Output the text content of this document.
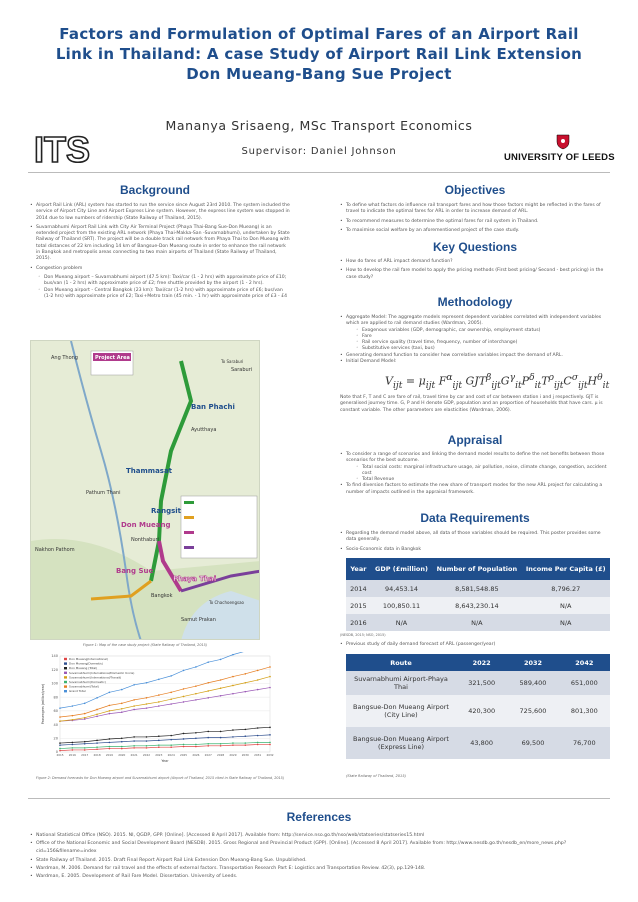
Factors and Formulation of Optimal Fares of an Airport Rail
Link in Thailand: A case Study of Airport Rail Link Extension
Don Mueang-Bang Sue Project
Mananya Srisaeng, MSc Transport Economics
Supervisor: Daniel Johnson
ITS	UNIVERSITY OF LEEDS
Background
• Airport Rail Link (ARL) system has started to run the service since August 23rd 2010. The system included the service of Airport City Line and Airport Express Line system. However, the express line system was stopped in 2014 due to low numbers of ridership (State Railway of Thailand, 2015).
• Suvarnabhumi Airport Rail Link with City Air Terminal Project (Phaya Thai-Bang Sue-Don Mueang) is an extended project from the existing ARL network (Phaya Thai-Makka-San -Suvarnabhumi), undertaken by State Railway of Thailand (SRT). The project will be a double track rail network from Phaya Thai to Don Mueang with total distances of 22 km including 14 km of Bangsue-Don Mueang route in order to enhance the rail network in Bangkok and metropolis areas connecting to two main airports of Thailand (State Railway of Thailand, 2015).
• Congestion problem
◦ Don Mueang airport – Suvarnabhumi airport (47.5 km): Taxi/car (1 - 2 hrs) with approximate price of £10; bus/van (1 - 2 hrs) with approximate price of £2; free shuttle provided by the airport (1 - 2 hrs).
◦ Don Mueang airport - Central Bangkok (23 km): Taxi/car (1-2 hrs) with approximate price of £6; bus/van (1-2 hrs) with approximate price of £2; Taxi+Metro train (45 min. - 1 hr) with approximate price of £3 - £4
Project Area
Ang Thong
Ban Phachi
Ayutthaya
Thammasat
Rangsit
Pathum Thani
Don Mueang
Nonthaburi
Nakhon Pathom
Bang Sue
Phaya Thai
Bangkok
Samut Prakan
Saraburi
To Saraburi
To Chachoengsao
Figure 1: Map of the case study project (State Railway of Thailand, 2015)
0
20
40
60
80
100
120
140
2015 2016 2017 2018 2019 2020 2021 2022 2023 2024 2025 2026 2027 2028 2029 2030 2031 2032
Year
Passengers (million/year)
Don Mueang(International)
Don Mueang(Domestic)
Don Mueang (Total)
Suvarnabhumi(International/Domestic Uncle)
Suvarnabhumi(International/Transit)
Suvarnabhumi(Domestic)
Suvarnabhumi(Total)
Grand Total
Figure 2: Demand forecasts for Don Mueang airport and Suvarnabhumi airport (Airport of Thailand, 2015 cited in State Railway of Thailand, 2015)
Objectives
• To define what factors do influence rail transport fares and how those factors might be reflected in the fares of travel to indicate the optimal fares for ARL in order to increase demand of ARL.
• To recommend measures to determine the optimal fares for rail system in Thailand.
• To maximise social welfare by an aforementioned project of the case study.
Key Questions
• How do fares of ARL impact demand function?
• How to develop the rail fare model to apply the pricing methods (First best pricing/ Second - best pricing) in the case study?
Methodology
• Aggregate Model: The aggregate models represent dependent variables correlated with independent variables which are applied to rail demand studies (Wardman, 2005).
◦ Exogenous variables (GDP, demographic, car ownership, employment status)
◦ Fare
◦ Rail service quality (travel time, frequency, number of interchange)
◦ Substitutive services (taxi, bus)
• Generating demand function to consider how correlative variables impact the demand of ARL.
• Initial Demand Model:
$V_{ijt} = \mu_{ijt}$ $F^\alpha_{ijt}$ $GJT^\beta_{ijt}G^\gamma_{it}P^\delta_{it}T^\rho_{ijt}C^\sigma_{ijt}H^\theta_{it}$
Note that F, T and C are fare of rail, travel time by car and cost of car between station i and j respectively. GJT is generalised journey time. G, P and H denote GDP, population and an proportion of households that have cars. μ is constant variable. The other parameters are elasticities (Wardman, 2006).
Appraisal
• To consider a range of scenarios and linking the demand model results to define the net benefits between those scenarios for the best outcome.
◦ Total social costs: marginal infrastructure usage, air pollution, noise, climate change, congestion, accident cost
◦ Total Revenue
• To find diversion factors to estimate the new share of transport modes for the new ARL project for calculating a number of impacts outlined in the appraisal framework.
Data Requirements
• Regarding the demand model above, all data of those variables should be required. This poster provides some data generally.
• Socio-Economic data in Bangkok
Year	GDP (£million)	Number of Population	Income Per Capita (£)
2014	94,453.14	8,581,548.85	8,796.27
2015	100,850.11	8,643,230.14	N/A
2016	N/A	N/A	N/A
(NESDB, 2015; NSO, 2015)
• Previous study of daily demand forecast of ARL (passenger/year)
Route	2022	2032	2042
Suvarnabhumi Airport-Phaya Thai	321,500	589,400	651,000
Bangsue-Don Mueang Airport (City Line)	420,300	725,600	801,300
Bangsue-Don Mueang Airport (Express Line)	43,800	69,500	76,700
(State Railway of Thailand, 2015)
References
• National Statistical Office (NSO). 2015. NI, QGDP, GPP. [Online]. [Accessed 8 April 2017]. Available from: http://service.nso.go.th/nso/web/statseries/statseries15.html
• Office of the National Economic and Social Development Board (NESDB). 2015. Gross Regional and Provincial Product (GPP). [Online]. [Accessed 8 April 2017]. Available from: http://www.nesdb.go.th/nesdb_en/more_news.php?cid=156&filename=index
• State Railway of Thailand. 2015. Draft Final Report Airport Rail Link Extension Don Mueang-Bang Sue. Unpublished.
• Wardman, M. 2006. Demand for rail travel and the effects of external factors. Transportation Research Part E: Logistics and Transportation Review. 42(3), pp.129-148.
• Wardman, E. 2005. Development of Rail Fare Model. Dissertation. University of Leeds.
